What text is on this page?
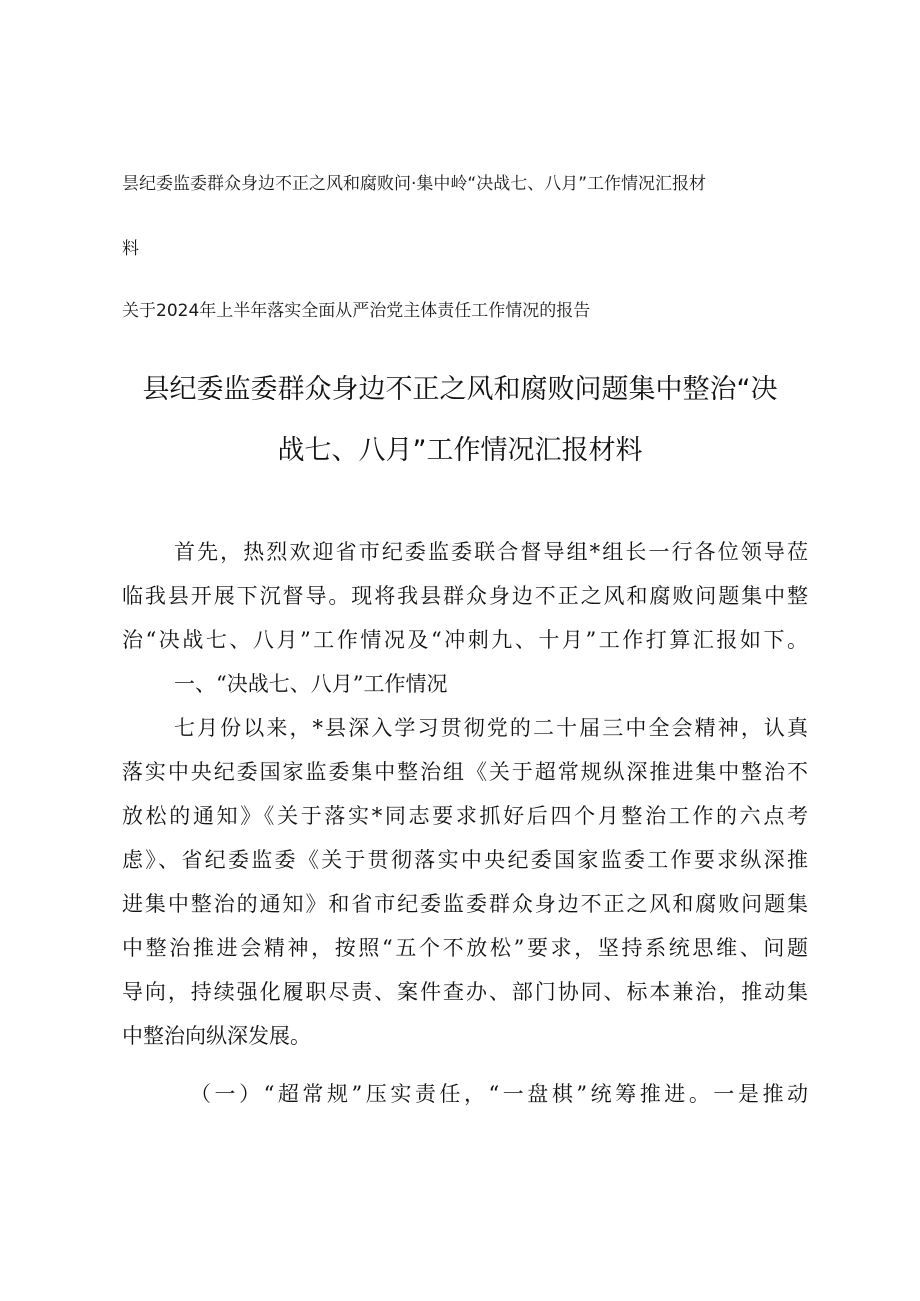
昙纪委监委群众身边不正之风和腐败问·集中岭“决战七、八月”工作情况汇报材
料
关于2024年上半年落实全面从严治党主体责任工作情况的报告
县纪委监委群众身边不正之风和腐败问题集中整治“决
战七、八月”工作情况汇报材料
首先，热烈欢迎省市纪委监委联合督导组*组长一行各位领导莅
临我县开展下沉督导。现将我县群众身边不正之风和腐败问题集中整
治“决战七、八月”工作情况及“冲刺九、十月”工作打算汇报如下。
一、“决战七、八月”工作情况
七月份以来，*县深入学习贯彻党的二十届三中全会精神，认真
落实中央纪委国家监委集中整治组《关于超常规纵深推进集中整治不
放松的通知》《关于落实*同志要求抓好后四个月整治工作的六点考
虑》、省纪委监委《关于贯彻落实中央纪委国家监委工作要求纵深推
进集中整治的通知》和省市纪委监委群众身边不正之风和腐败问题集
中整治推进会精神，按照“五个不放松”要求，坚持系统思维、问题
导向，持续强化履职尽责、案件查办、部门协同、标本兼治，推动集
中整治向纵深发展。
（一）“超常规”压实责任，“一盘棋”统筹推进。一是推动
